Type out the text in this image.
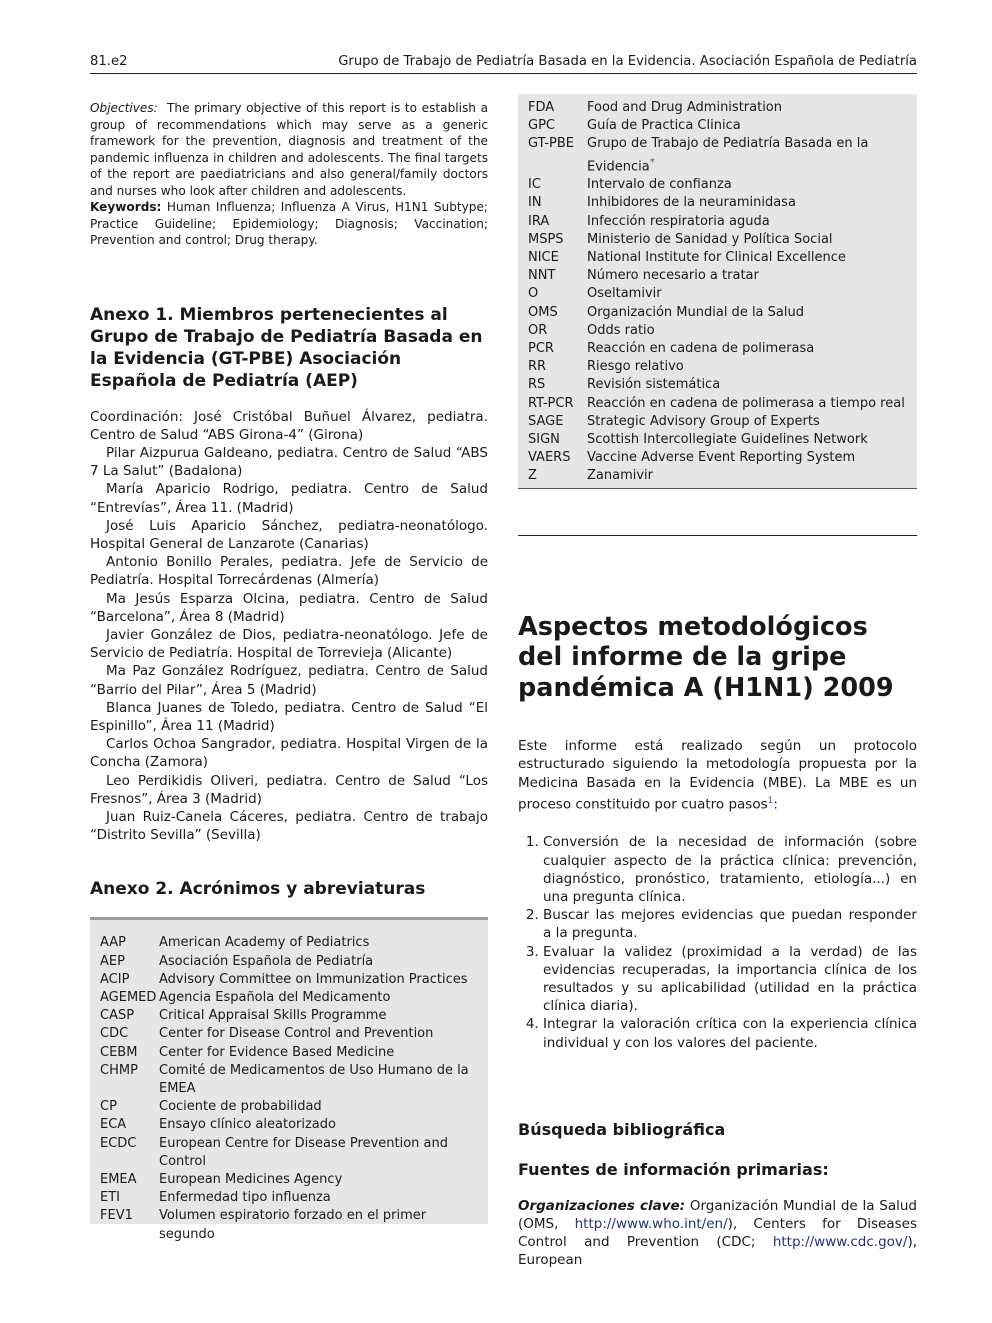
81.e2	Grupo de Trabajo de Pediatría Basada en la Evidencia. Asociación Española de Pediatría

Objectives: The primary objective of this report is to establish a group of recommendations which may serve as a generic framework for the prevention, diagnosis and treatment of the pandemic influenza in children and adolescents. The final targets of the report are paediatricians and also general/family doctors and nurses who look after children and adolescents.

Keywords: Human Influenza; Influenza A Virus, H1N1 Subtype; Practice Guideline; Epidemiology; Diagnosis; Vaccination; Prevention and control; Drug therapy.

Anexo 1. Miembros pertenecientes al Grupo de Trabajo de Pediatría Basada en la Evidencia (GT-PBE) Asociación Española de Pediatría (AEP)

Coordinación: José Cristóbal Buñuel Álvarez, pediatra. Centro de Salud “ABS Girona-4” (Girona)

Pilar Aizpurua Galdeano, pediatra. Centro de Salud “ABS 7 La Salut” (Badalona)

María Aparicio Rodrigo, pediatra. Centro de Salud “Entrevías”, Área 11. (Madrid)

José Luis Aparicio Sánchez, pediatra-neonatólogo. Hospital General de Lanzarote (Canarias)

Antonio Bonillo Perales, pediatra. Jefe de Servicio de Pediatría. Hospital Torrecárdenas (Almería)

Ma Jesús Esparza Olcina, pediatra. Centro de Salud “Barcelona”, Área 8 (Madrid)

Javier González de Dios, pediatra-neonatólogo. Jefe de Servicio de Pediatría. Hospital de Torrevieja (Alicante)

Ma Paz González Rodríguez, pediatra. Centro de Salud “Barrio del Pilar”, Área 5 (Madrid)

Blanca Juanes de Toledo, pediatra. Centro de Salud “El Espinillo”, Área 11 (Madrid)

Carlos Ochoa Sangrador, pediatra. Hospital Virgen de la Concha (Zamora)

Leo Perdikidis Oliveri, pediatra. Centro de Salud “Los Fresnos”, Área 3 (Madrid)

Juan Ruiz-Canela Cáceres, pediatra. Centro de trabajo “Distrito Sevilla” (Sevilla)

Anexo 2. Acrónimos y abreviaturas
AAP	American Academy of Pediatrics
AEP	Asociación Española de Pediatría
ACIP	Advisory Committee on Immunization Practices
AGEMED Agencia Española del Medicamento
CASP	Critical Appraisal Skills Programme
CDC	Center for Disease Control and Prevention
CEBM	Center for Evidence Based Medicine
CHMP	Comité de Medicamentos de Uso Humano de la EMEA
CP	Cociente de probabilidad
ECA	Ensayo clínico aleatorizado
ECDC	European Centre for Disease Prevention and Control
EMEA	European Medicines Agency
ETI	Enfermedad tipo influenza
FEV1	Volumen espiratorio forzado en el primer segundo
FDA	Food and Drug Administration
GPC	Guía de Practica Clinica
GT-PBE Grupo de Trabajo de Pediatría Basada en la Evidencia*
IC	Intervalo de confianza
IN	Inhibidores de la neuraminidasa
IRA	Infección respiratoria aguda
MSPS	Ministerio de Sanidad y Política Social
NICE	National Institute for Clinical Excellence
NNT	Número necesario a tratar
O	Oseltamivir
OMS	Organización Mundial de la Salud
OR	Odds ratio
PCR	Reacción en cadena de polimerasa
RR	Riesgo relativo
RS	Revisión sistemática
RT-PCR	Reacción en cadena de polimerasa a tiempo real
SAGE	Strategic Advisory Group of Experts
SIGN	Scottish Intercollegiate Guidelines Network
VAERS	Vaccine Adverse Event Reporting System
Z	Zanamivir
Aspectos metodológicos del informe de la gripe pandémica A (H1N1) 2009

Este informe está realizado según un protocolo estructurado siguiendo la metodología propuesta por la Medicina Basada en la Evidencia (MBE). La MBE es un proceso constituido por cuatro pasos$^1$:

1. Conversión de la necesidad de información (sobre cualquier aspecto de la práctica clínica: prevención, diagnóstico, pronóstico, tratamiento, etiología...) en una pregunta clínica.
2. Buscar las mejores evidencias que puedan responder a la pregunta.
3. Evaluar la validez (proximidad a la verdad) de las evidencias recuperadas, la importancia clínica de los resultados y su aplicabilidad (utilidad en la práctica clínica diaria).
4. Integrar la valoración crítica con la experiencia clínica individual y con los valores del paciente.
Búsqueda bibliográfica
Fuentes de información primarias:

Organizaciones clave: Organización Mundial de la Salud (OMS, http://www.who.int/en/), Centers for Diseases Control and Prevention (CDC; http://www.cdc.gov/), European
